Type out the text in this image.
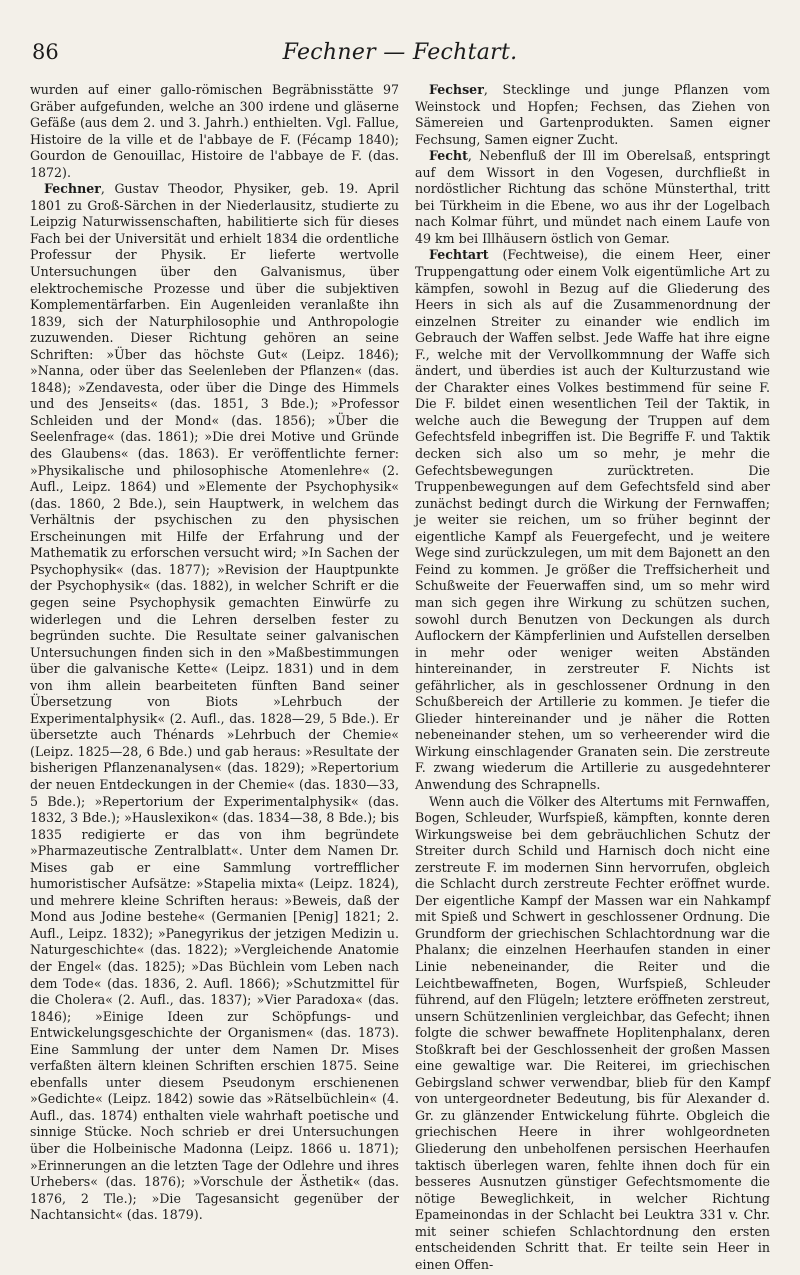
86	Fechner — Fechtart.

wurden auf einer gallo-römischen Begräbnisstätte 97 Gräber aufgefunden, welche an 300 irdene und gläserne Gefäße (aus dem 2. und 3. Jahrh.) enthielten. Vgl. Fallue, Histoire de la ville et de l'abbaye de F. (Fécamp 1840); Gourdon de Genouillac, Histoire de l'abbaye de F. (das. 1872).

Fechner, Gustav Theodor, Physiker, geb. 19. April 1801 zu Groß-Särchen in der Niederlausitz, studierte zu Leipzig Naturwissenschaften, habilitierte sich für dieses Fach bei der Universität und erhielt 1834 die ordentliche Professur der Physik. Er lieferte wertvolle Untersuchungen über den Galvanismus, über elektrochemische Prozesse und über die subjektiven Komplementärfarben. Ein Augenleiden veranlaßte ihn 1839, sich der Naturphilosophie und Anthropologie zuzuwenden. Dieser Richtung gehören an seine Schriften: »Über das höchste Gut« (Leipz. 1846); »Nanna, oder über das Seelenleben der Pflanzen« (das. 1848); »Zendavesta, oder über die Dinge des Himmels und des Jenseits« (das. 1851, 3 Bde.); »Professor Schleiden und der Mond« (das. 1856); »Über die Seelenfrage« (das. 1861); »Die drei Motive und Gründe des Glaubens« (das. 1863). Er veröffentlichte ferner: »Physikalische und philosophische Atomenlehre« (2. Aufl., Leipz. 1864) und »Elemente der Psychophysik« (das. 1860, 2 Bde.), sein Hauptwerk, in welchem das Verhältnis der psychischen zu den physischen Erscheinungen mit Hilfe der Erfahrung und der Mathematik zu erforschen versucht wird; »In Sachen der Psychophysik« (das. 1877); »Revision der Hauptpunkte der Psychophysik« (das. 1882), in welcher Schrift er die gegen seine Psychophysik gemachten Einwürfe zu widerlegen und die Lehren derselben fester zu begründen suchte. Die Resultate seiner galvanischen Untersuchungen finden sich in den »Maßbestimmungen über die galvanische Kette« (Leipz. 1831) und in dem von ihm allein bearbeiteten fünften Band seiner Übersetzung von Biots »Lehrbuch der Experimentalphysik« (2. Aufl., das. 1828—29, 5 Bde.). Er übersetzte auch Thénards »Lehrbuch der Chemie« (Leipz. 1825—28, 6 Bde.) und gab heraus: »Resultate der bisherigen Pflanzenanalysen« (das. 1829); »Repertorium der neuen Entdeckungen in der Chemie« (das. 1830—33, 5 Bde.); »Repertorium der Experimentalphysik« (das. 1832, 3 Bde.); »Hauslexikon« (das. 1834—38, 8 Bde.); bis 1835 redigierte er das von ihm begründete »Pharmazeutische Zentralblatt«. Unter dem Namen Dr. Mises gab er eine Sammlung vortrefflicher humoristischer Aufsätze: »Stapelia mixta« (Leipz. 1824), und mehrere kleine Schriften heraus: »Beweis, daß der Mond aus Jodine bestehe« (Germanien [Penig] 1821; 2. Aufl., Leipz. 1832); »Panegyrikus der jetzigen Medizin u. Naturgeschichte« (das. 1822); »Vergleichende Anatomie der Engel« (das. 1825); »Das Büchlein vom Leben nach dem Tode« (das. 1836, 2. Aufl. 1866); »Schutzmittel für die Cholera« (2. Aufl., das. 1837); »Vier Paradoxa« (das. 1846); »Einige Ideen zur Schöpfungs- und Entwickelungsgeschichte der Organismen« (das. 1873). Eine Sammlung der unter dem Namen Dr. Mises verfaßten ältern kleinen Schriften erschien 1875. Seine ebenfalls unter diesem Pseudonym erschienenen »Gedichte« (Leipz. 1842) sowie das »Rätselbüchlein« (4. Aufl., das. 1874) enthalten viele wahrhaft poetische und sinnige Stücke. Noch schrieb er drei Untersuchungen über die Holbeinische Madonna (Leipz. 1866 u. 1871); »Erinnerungen an die letzten Tage der Odlehre und ihres Urhebers« (das. 1876); »Vorschule der Ästhetik« (das. 1876, 2 Tle.); »Die Tagesansicht gegenüber der Nachtansicht« (das. 1879).

Fechser, Stecklinge und junge Pflanzen vom Weinstock und Hopfen; Fechsen, das Ziehen von Sämereien und Gartenprodukten. Samen eigner Fechsung, Samen eigner Zucht.

Fecht, Nebenfluß der Ill im Oberelsaß, entspringt auf dem Wissort in den Vogesen, durchfließt in nordöstlicher Richtung das schöne Münsterthal, tritt bei Türkheim in die Ebene, wo aus ihr der Logelbach nach Kolmar führt, und mündet nach einem Laufe von 49 km bei Illhäusern östlich von Gemar.

Fechtart (Fechtweise), die einem Heer, einer Truppengattung oder einem Volk eigentümliche Art zu kämpfen, sowohl in Bezug auf die Gliederung des Heers in sich als auf die Zusammenordnung der einzelnen Streiter zu einander wie endlich im Gebrauch der Waffen selbst. Jede Waffe hat ihre eigne F., welche mit der Vervollkommnung der Waffe sich ändert, und überdies ist auch der Kulturzustand wie der Charakter eines Volkes bestimmend für seine F. Die F. bildet einen wesentlichen Teil der Taktik, in welche auch die Bewegung der Truppen auf dem Gefechtsfeld inbegriffen ist. Die Begriffe F. und Taktik decken sich also um so mehr, je mehr die Gefechtsbewegungen zurücktreten. Die Truppenbewegungen auf dem Gefechtsfeld sind aber zunächst bedingt durch die Wirkung der Fernwaffen; je weiter sie reichen, um so früher beginnt der eigentliche Kampf als Feuergefecht, und je weitere Wege sind zurückzulegen, um mit dem Bajonett an den Feind zu kommen. Je größer die Treffsicherheit und Schußweite der Feuerwaffen sind, um so mehr wird man sich gegen ihre Wirkung zu schützen suchen, sowohl durch Benutzen von Deckungen als durch Auflockern der Kämpferlinien und Aufstellen derselben in mehr oder weniger weiten Abständen hintereinander, in zerstreuter F. Nichts ist gefährlicher, als in geschlossener Ordnung in den Schußbereich der Artillerie zu kommen. Je tiefer die Glieder hintereinander und je näher die Rotten nebeneinander stehen, um so verheerender wird die Wirkung einschlagender Granaten sein. Die zerstreute F. zwang wiederum die Artillerie zu ausgedehnterer Anwendung des Schrapnells.

Wenn auch die Völker des Altertums mit Fernwaffen, Bogen, Schleuder, Wurfspieß, kämpften, konnte deren Wirkungsweise bei dem gebräuchlichen Schutz der Streiter durch Schild und Harnisch doch nicht eine zerstreute F. im modernen Sinn hervorrufen, obgleich die Schlacht durch zerstreute Fechter eröffnet wurde. Der eigentliche Kampf der Massen war ein Nahkampf mit Spieß und Schwert in geschlossener Ordnung. Die Grundform der griechischen Schlachtordnung war die Phalanx; die einzelnen Heerhaufen standen in einer Linie nebeneinander, die Reiter und die Leichtbewaffneten, Bogen, Wurfspieß, Schleuder führend, auf den Flügeln; letztere eröffneten zerstreut, unsern Schützenlinien vergleichbar, das Gefecht; ihnen folgte die schwer bewaffnete Hoplitenphalanx, deren Stoßkraft bei der Geschlossenheit der großen Massen eine gewaltige war. Die Reiterei, im griechischen Gebirgsland schwer verwendbar, blieb für den Kampf von untergeordneter Bedeutung, bis für Alexander d. Gr. zu glänzender Entwickelung führte. Obgleich die griechischen Heere in ihrer wohlgeordneten Gliederung den unbeholfenen persischen Heerhaufen taktisch überlegen waren, fehlte ihnen doch für ein besseres Ausnutzen günstiger Gefechtsmomente die nötige Beweglichkeit, in welcher Richtung Epameinondas in der Schlacht bei Leuktra 331 v. Chr. mit seiner schiefen Schlachtordnung den ersten entscheidenden Schritt that. Er teilte sein Heer in einen Offen-
